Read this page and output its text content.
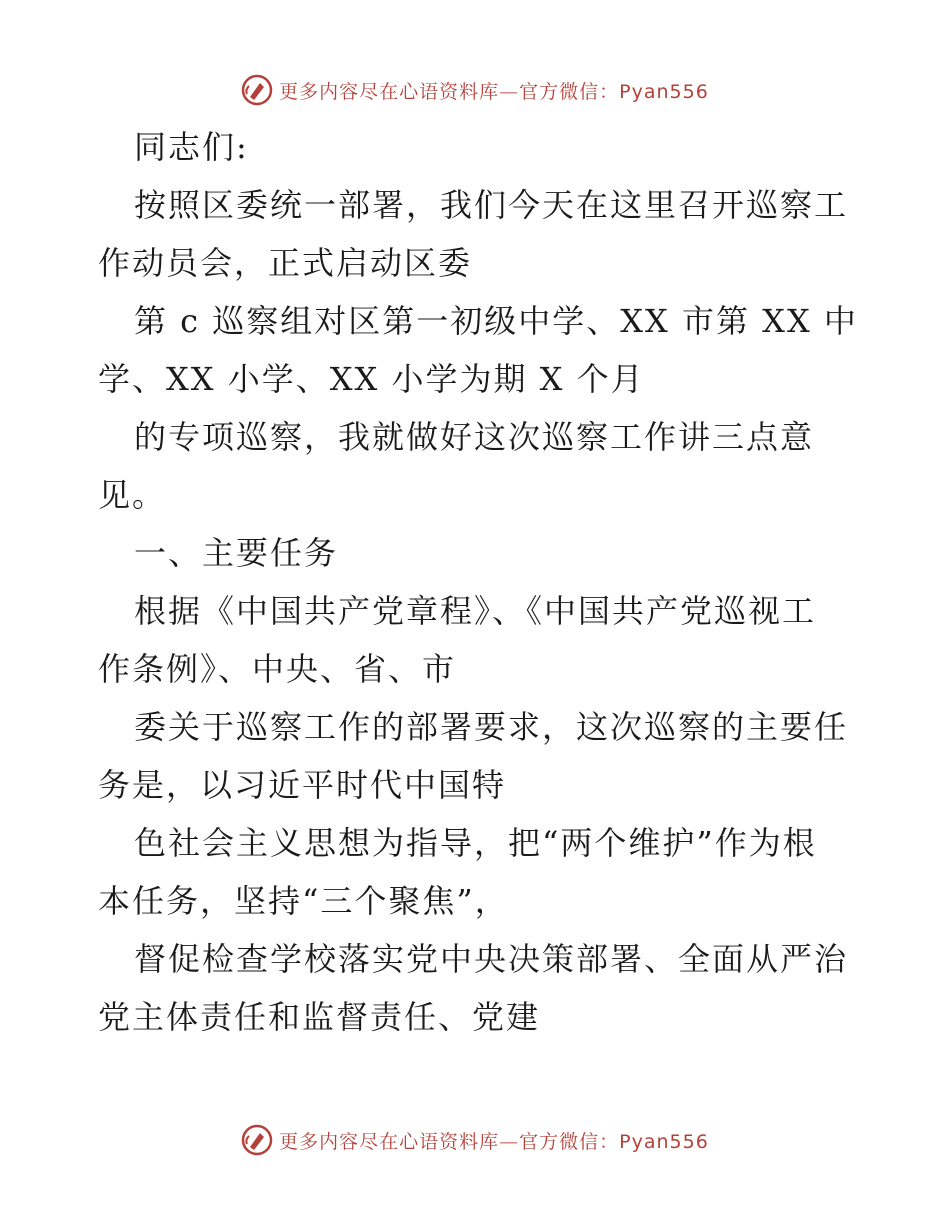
更多内容尽在心语资料库—官方微信：Pyan556
同志们:
按照区委统一部署，我们今天在这里召开巡察工
作动员会，正式启动区委
第 c 巡察组对区第一初级中学、XX 市第 XX 中
学、XX 小学、XX 小学为期 X 个月
的专项巡察，我就做好这次巡察工作讲三点意
见。
一、主要任务
根据《中国共产党章程》、《中国共产党巡视工
作条例》、中央、省、市
委关于巡察工作的部署要求，这次巡察的主要任
务是，以习近平时代中国特
色社会主义思想为指导，把“两个维护”作为根
本任务，坚持“三个聚焦”，
督促检查学校落实党中央决策部署、全面从严治
党主体责任和监督责任、党建
更多内容尽在心语资料库—官方微信：Pyan556
